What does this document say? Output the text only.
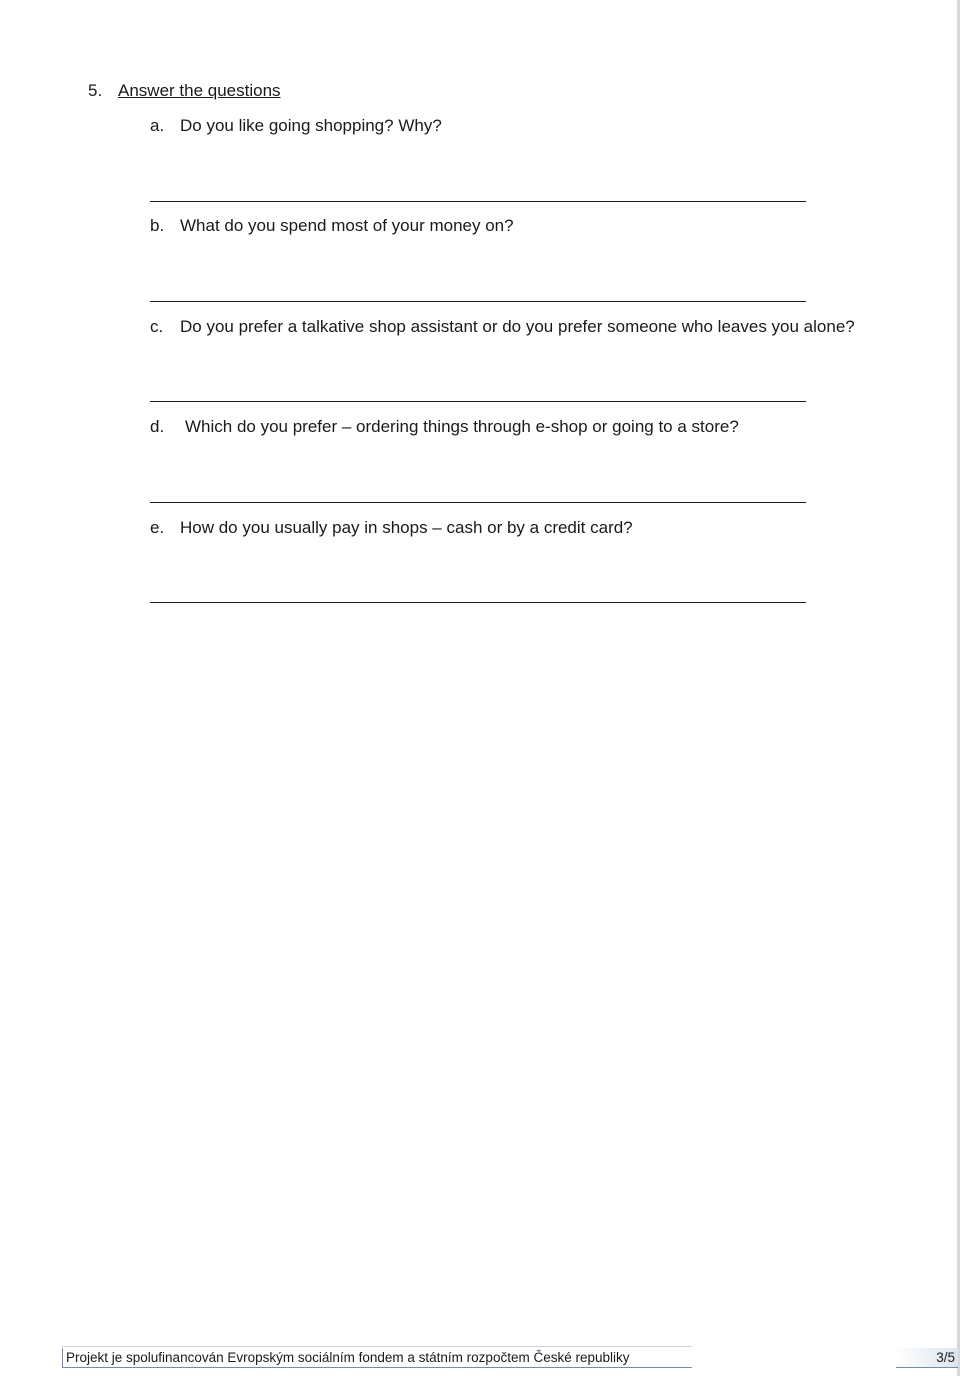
5. Answer the questions
a. Do you like going shopping? Why?
b. What do you spend most of your money on?
c. Do you prefer a talkative shop assistant or do you prefer someone who leaves you alone?
d. Which do you prefer – ordering things through e-shop or going to a store?
e. How do you usually pay in shops – cash or by a credit card?
Projekt je spolufinancován Evropským sociálním fondem a státním rozpočtem České republiky	3/5
